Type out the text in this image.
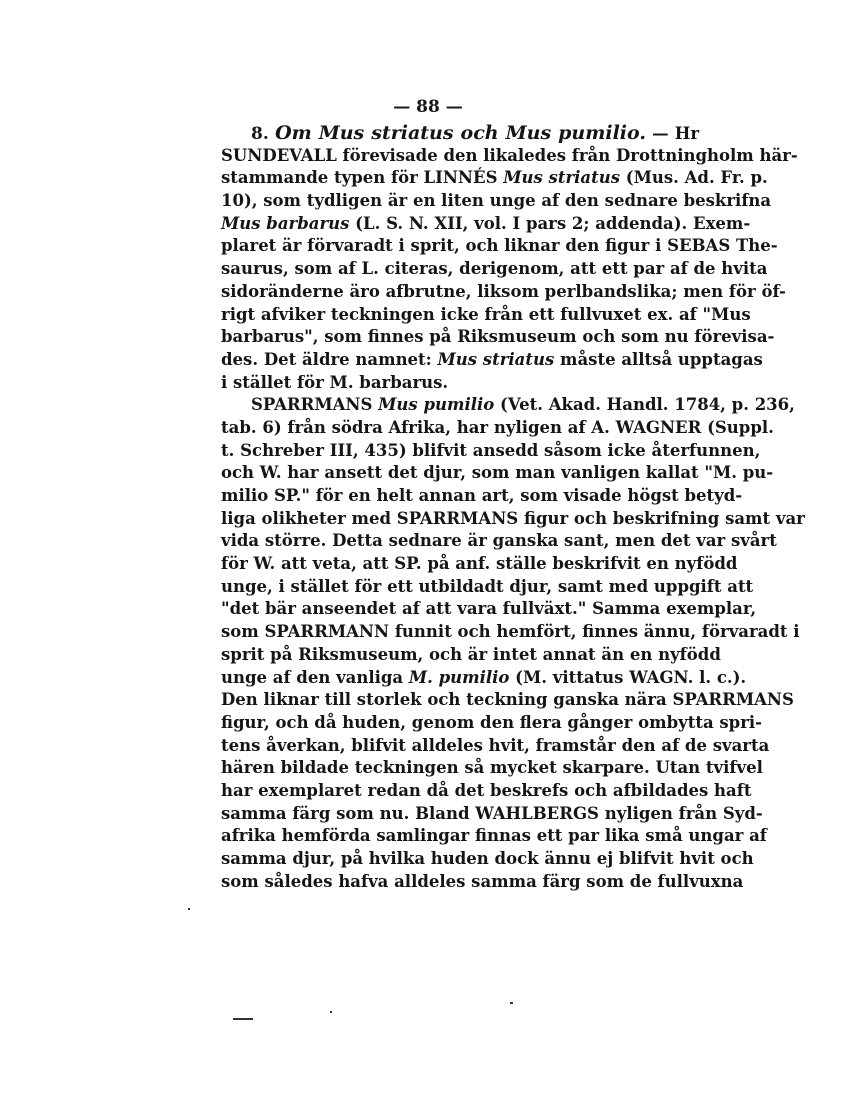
— 88 —
8. Om Mus striatus och Mus pumilio. — Hr
SUNDEVALL förevisade den likaledes från Drottningholm här-
stammande typen för LINNÉS Mus striatus (Mus. Ad. Fr. p.
10), som tydligen är en liten unge af den sednare beskrifna
Mus barbarus (L. S. N. XII, vol. I pars 2; addenda). Exem-
plaret är förvaradt i sprit, och liknar den figur i SEBAS The-
saurus, som af L. citeras, derigenom, att ett par af de hvita
sidoränderne äro afbrutne, liksom perlbandslika; men för öf-
rigt afviker teckningen icke från ett fullvuxet ex. af "Mus
barbarus", som finnes på Riksmuseum och som nu förevisa-
des. Det äldre namnet: Mus striatus måste alltså upptagas
i stället för M. barbarus.
SPARRMANS Mus pumilio (Vet. Akad. Handl. 1784, p. 236,
tab. 6) från södra Afrika, har nyligen af A. WAGNER (Suppl.
t. Schreber III, 435) blifvit ansedd såsom icke återfunnen,
och W. har ansett det djur, som man vanligen kallat "M. pu-
milio SP." för en helt annan art, som visade högst betyd-
liga olikheter med SPARRMANS figur och beskrifning samt var
vida större. Detta sednare är ganska sant, men det var svårt
för W. att veta, att SP. på anf. ställe beskrifvit en nyfödd
unge, i stället för ett utbildadt djur, samt med uppgift att
"det bär anseendet af att vara fullväxt." Samma exemplar,
som SPARRMANN funnit och hemfört, finnes ännu, förvaradt i
sprit på Riksmuseum, och är intet annat än en nyfödd
unge af den vanliga M. pumilio (M. vittatus WAGN. l. c.).
Den liknar till storlek och teckning ganska nära SPARRMANS
figur, och då huden, genom den flera gånger ombytta spri-
tens åverkan, blifvit alldeles hvit, framstår den af de svarta
hären bildade teckningen så mycket skarpare. Utan tvifvel
har exemplaret redan då det beskrefs och afbildades haft
samma färg som nu. Bland WAHLBERGS nyligen från Syd-
afrika hemförda samlingar finnas ett par lika små ungar af
samma djur, på hvilka huden dock ännu ej blifvit hvit och
som således hafva alldeles samma färg som de fullvuxna
